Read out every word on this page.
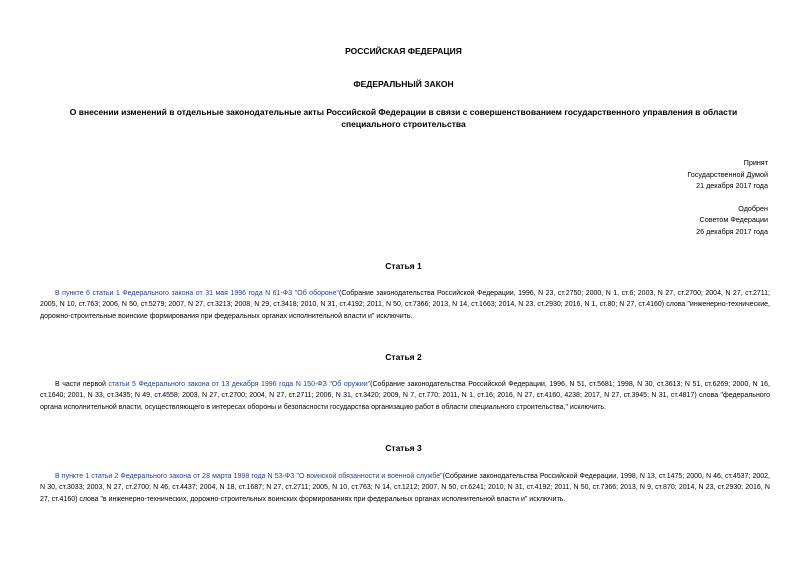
РОССИЙСКАЯ ФЕДЕРАЦИЯ
ФЕДЕРАЛЬНЫЙ ЗАКОН
О внесении изменений в отдельные законодательные акты Российской Федерации в связи с совершенствованием государственного управления в области специального строительства
Принят
Государственной Думой
21 декабря 2017 года
Одобрен
Советом Федерации
26 декабря 2017 года
Статья 1
В пункте 6 статьи 1 Федерального закона от 31 мая 1996 года N 61-ФЗ "Об обороне"(Собрание законодательства Российской Федерации, 1996, N 23, ст.2750; 2000, N 1, ст.6; 2003, N 27, ст.2700; 2004, N 27, ст.2711; 2005, N 10, ст.763; 2006, N 50, ст.5279; 2007, N 27, ст.3213; 2008, N 29, ст.3418; 2010, N 31, ст.4192; 2011, N 50, ст.7366; 2013, N 14, ст.1663; 2014, N 23, ст.2930; 2016, N 1, ст.80; N 27, ст.4160) слова "инженерно-технические, дорожно-строительные воинские формирования при федеральных органах исполнительной власти и" исключить.
Статья 2
В части первой статьи 5 Федерального закона от 13 декабря 1996 года N 150-ФЗ "Об оружии"(Собрание законодательства Российской Федерации, 1996, N 51, ст.5681; 1998, N 30, ст.3613; N 51, ст.6269; 2000, N 16, ст.1640; 2001, N 33, ст.3435; N 49, ст.4558; 2003, N 27, ст.2700; 2004, N 27, ст.2711; 2006, N 31, ст.3420; 2009, N 7, ст.770; 2011, N 1, ст.16; 2016, N 27, ст.4160, 4238; 2017, N 27, ст.3945; N 31, ст.4817) слова "федерального органа исполнительной власти, осуществляющего в интересах обороны и безопасности государства организацию работ в области специального строительства," исключить.
Статья 3
В пункте 1 статьи 2 Федерального закона от 28 марта 1998 года N 53-ФЗ "О воинской обязанности и военной службе"(Собрание законодательства Российской Федерации, 1998, N 13, ст.1475; 2000, N 46, ст.4537; 2002, N 30, ст.3033; 2003, N 27, ст.2700; N 46, ст.4437; 2004, N 18, ст.1687; N 27, ст.2711; 2005, N 10, ст.763; N 14, ст.1212; 2007, N 50, ст.6241; 2010, N 31, ст.4192; 2011, N 50, ст.7366; 2013, N 9, ст.870; 2014, N 23, ст.2930; 2016, N 27, ст.4160) слова "в инженерно-технических, дорожно-строительных воинских формированиях при федеральных органах исполнительной власти и" исключить.
